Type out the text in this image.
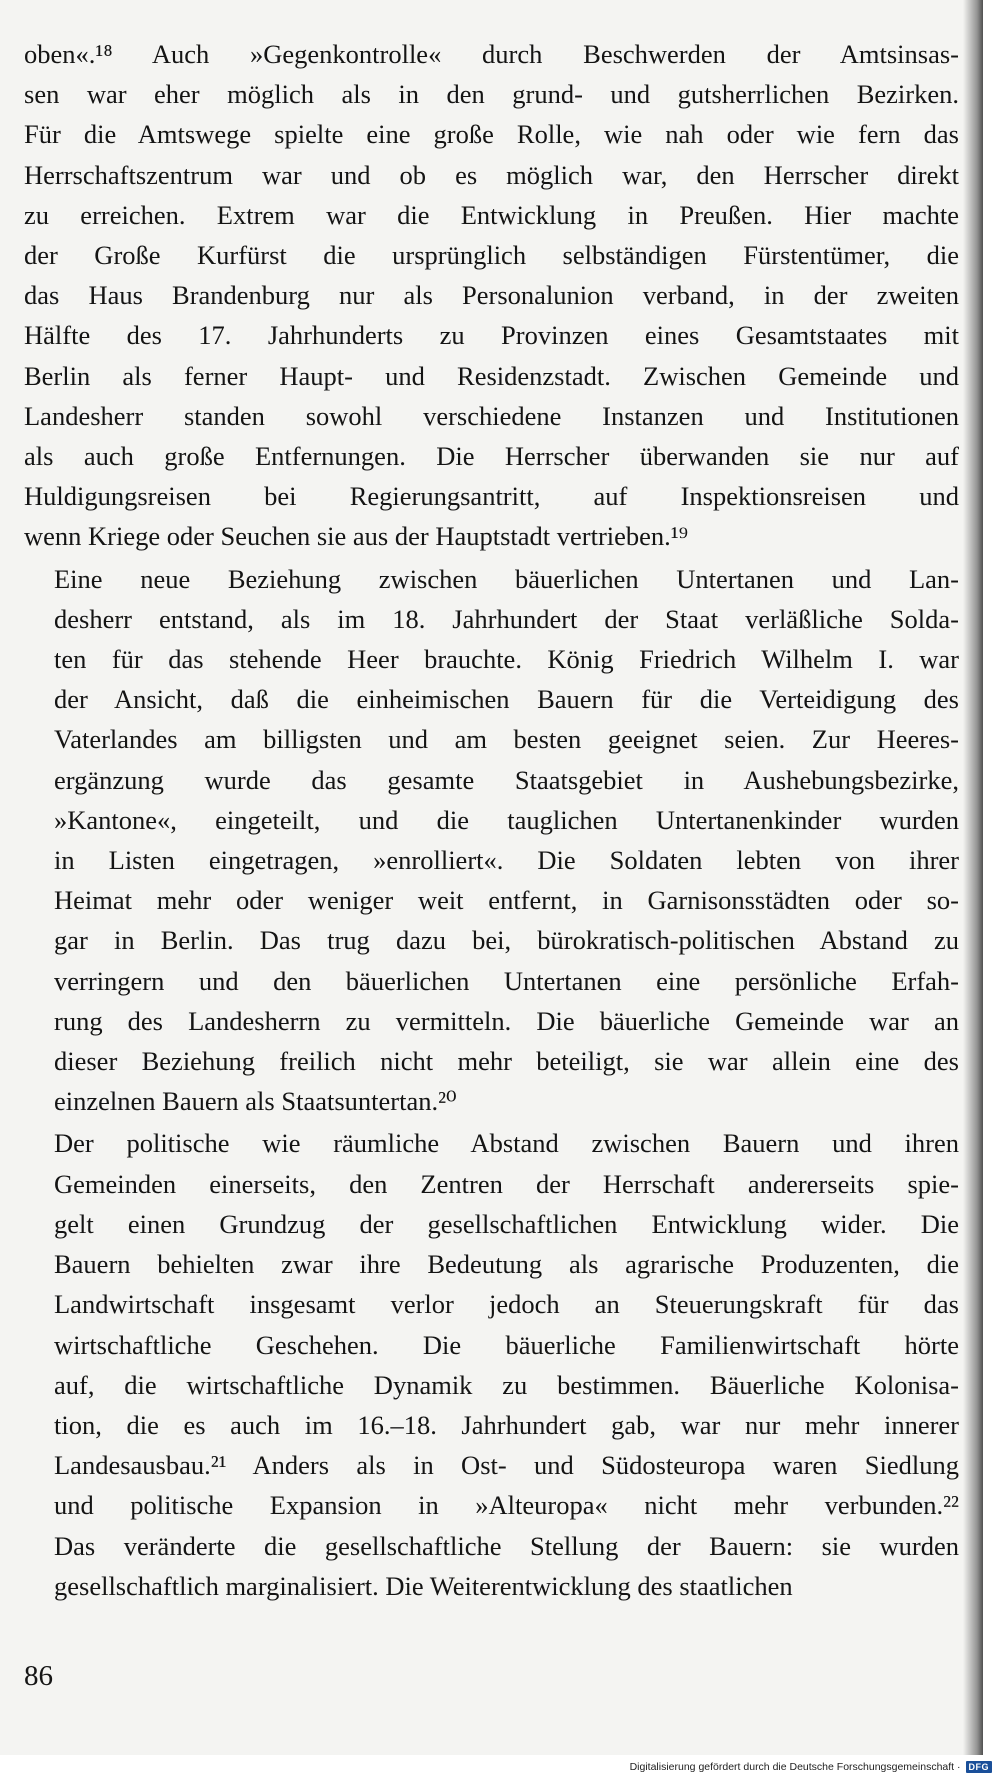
oben«.¹⁸ Auch »Gegenkontrolle« durch Beschwerden der Amtsinsas-
sen war eher möglich als in den grund- und gutsherrlichen Bezirken.
Für die Amtswege spielte eine große Rolle, wie nah oder wie fern das
Herrschaftszentrum war und ob es möglich war, den Herrscher direkt
zu erreichen. Extrem war die Entwicklung in Preußen. Hier machte
der Große Kurfürst die ursprünglich selbständigen Fürstentümer, die
das Haus Brandenburg nur als Personalunion verband, in der zweiten
Hälfte des 17. Jahrhunderts zu Provinzen eines Gesamtstaates mit
Berlin als ferner Haupt- und Residenzstadt. Zwischen Gemeinde und
Landesherr standen sowohl verschiedene Instanzen und Institutionen
als auch große Entfernungen. Die Herrscher überwanden sie nur auf
Huldigungsreisen bei Regierungsantritt, auf Inspektionsreisen und
wenn Kriege oder Seuchen sie aus der Hauptstadt vertrieben.¹⁹

Eine neue Beziehung zwischen bäuerlichen Untertanen und Lan-
desherr entstand, als im 18. Jahrhundert der Staat verläßliche Solda-
ten für das stehende Heer brauchte. König Friedrich Wilhelm I. war
der Ansicht, daß die einheimischen Bauern für die Verteidigung des
Vaterlandes am billigsten und am besten geeignet seien. Zur Heeres-
ergänzung wurde das gesamte Staatsgebiet in Aushebungsbezirke,
»Kantone«, eingeteilt, und die tauglichen Untertanenkinder wurden
in Listen eingetragen, »enrolliert«. Die Soldaten lebten von ihrer
Heimat mehr oder weniger weit entfernt, in Garnisonsstädten oder so-
gar in Berlin. Das trug dazu bei, bürokratisch-politischen Abstand zu
verringern und den bäuerlichen Untertanen eine persönliche Erfah-
rung des Landesherrn zu vermitteln. Die bäuerliche Gemeinde war an
dieser Beziehung freilich nicht mehr beteiligt, sie war allein eine des
einzelnen Bauern als Staatsuntertan.²⁰

Der politische wie räumliche Abstand zwischen Bauern und ihren
Gemeinden einerseits, den Zentren der Herrschaft andererseits spie-
gelt einen Grundzug der gesellschaftlichen Entwicklung wider. Die
Bauern behielten zwar ihre Bedeutung als agrarische Produzenten, die
Landwirtschaft insgesamt verlor jedoch an Steuerungskraft für das
wirtschaftliche Geschehen. Die bäuerliche Familienwirtschaft hörte
auf, die wirtschaftliche Dynamik zu bestimmen. Bäuerliche Kolonisa-
tion, die es auch im 16.–18. Jahrhundert gab, war nur mehr innerer
Landesausbau.²¹ Anders als in Ost- und Südosteuropa waren Siedlung
und politische Expansion in »Alteuropa« nicht mehr verbunden.²²
Das veränderte die gesellschaftliche Stellung der Bauern: sie wurden
gesellschaftlich marginalisiert. Die Weiterentwicklung des staatlichen

86
Digitalisierung gefördert durch die Deutsche Forschungsgemeinschaft · DFG
